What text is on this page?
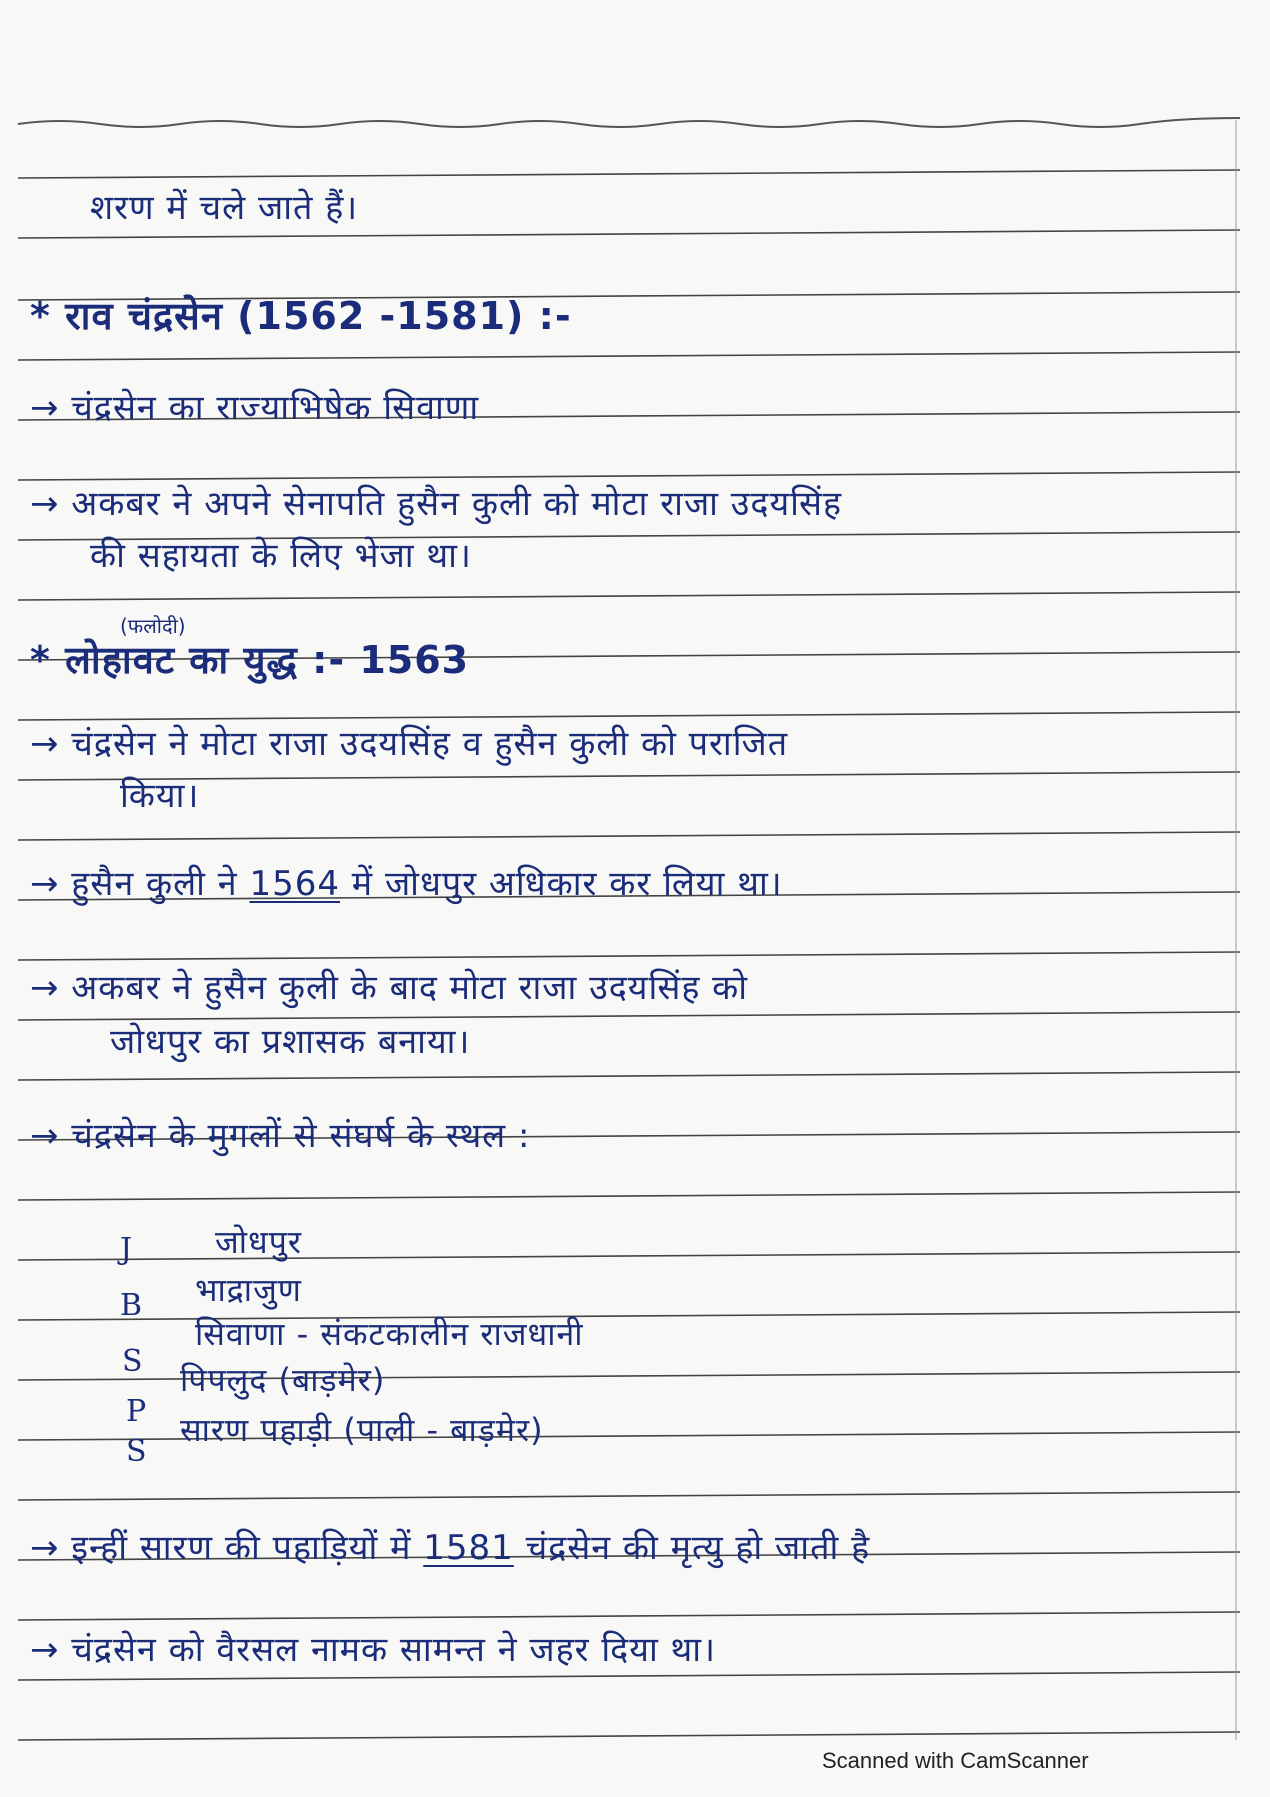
शरण में चले जाते हैं।
* राव चंद्रसेन (1562 -1581) :-
→ चंद्रसेन का राज्याभिषेक सिवाणा
→ अकबर ने अपने सेनापति हुसैन कुली को मोटा राजा उदयसिंह
की सहायता के लिए भेजा था।
(फलोदी)
* लोहावट का युद्ध :- 1563
→ चंद्रसेन ने मोटा राजा उदयसिंह व हुसैन कुली को पराजित
किया।
→ हुसैन कुली ने 1564 में जोधपुर अधिकार कर लिया था।
→ अकबर ने हुसैन कुली के बाद मोटा राजा उदयसिंह को
जोधपुर का प्रशासक बनाया।
→ चंद्रसेन के मुगलों से संघर्ष के स्थल :
J	जोधपुर
B भाद्राजुण
S
सिवाणा - संकटकालीन राजधानी
P
पिपलुद (बाड़मेर)
S
सारण पहाड़ी (पाली - बाड़मेर)
→ इन्हीं सारण की पहाड़ियों में 1581 चंद्रसेन की मृत्यु हो जाती है
→ चंद्रसेन को वैरसल नामक सामन्त ने जहर दिया था।
Scanned with CamScanner
